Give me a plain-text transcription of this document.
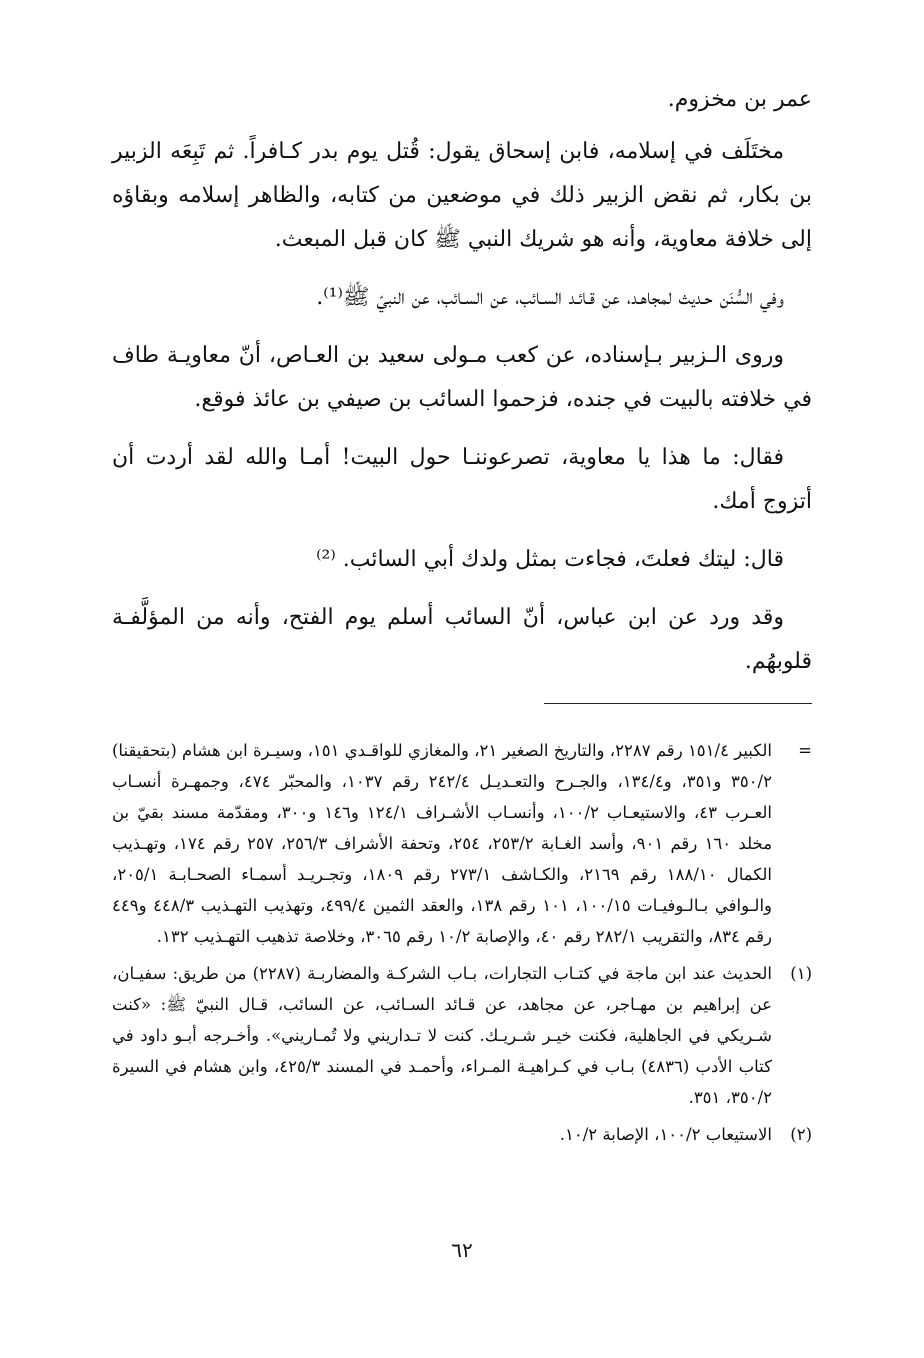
عمر بن مخزوم.

مختَلَف في إسلامه، فابن إسحاق يقول: قُتل يوم بدر كـافراً. ثم تَبِعَه الزبير بن بكار، ثم نقض الزبير ذلك في موضعين من كتابه، والظاهر إسلامه وبقاؤه إلى خلافة معاوية، وأنه هو شريك النبي ﷺ كان قبل المبعث.

وفي السُّنَن حـديث لمجاهـد، عن قـائـد السـائب، عن السـائب، عن النبيّ ﷺ⁽¹⁾.

وروى الـزبير بـإسناده، عن كعب مـولى سعيد بن العـاص، أنّ معاويـة طاف في خلافته بالبيت في جنده، فزحموا السائب بن صيفي بن عائذ فوقع.

فقال: ما هذا يا معاوية، تصرعوننـا حول البيت! أمـا والله لقد أردت أن أتزوج أمك.

قال: ليتك فعلتَ، فجاءت بمثل ولدك أبي السائب. ⁽²⁾

وقد ورد عن ابن عباس، أنّ السائب أسلم يوم الفتح، وأنه من المؤلَّفـة قلوبهُم.

=
الكبير ١٥١/٤ رقم ٢٢٨٧، والتاريخ الصغير ٢١، والمغازي للواقـدي ١٥١، وسيـرة ابن هشام (بتحقيقنا) ٣٥٠/٢ و٣٥١، و١٣٤/٤، والجـرح والتعـديـل ٢٤٢/٤ رقم ١٠٣٧، والمحبّر ٤٧٤، وجمهـرة أنسـاب العـرب ٤٣، والاستيعـاب ١٠٠/٢، وأنسـاب الأشـراف ١٢٤/١ و١٤٦ و٣٠٠، ومقدّمة مسند بقيّ بن مخلد ١٦٠ رقم ٩٠١، وأسد الغـابة ٢٥٣/٢، ٢٥٤، وتحفة الأشراف ٢٥٦/٣، ٢٥٧ رقم ١٧٤، وتهـذيب الكمال ١٨٨/١٠ رقم ٢١٦٩، والكـاشف ٢٧٣/١ رقم ١٨٠٩، وتجـريـد أسمـاء الصحـابـة ٢٠٥/١، والـوافي بـالـوفيـات ١٠٠/١٥، ١٠١ رقم ١٣٨، والعقد الثمين ٤٩٩/٤، وتهذيب التهـذيب ٤٤٨/٣ و٤٤٩ رقم ٨٣٤، والتقريب ٢٨٢/١ رقم ٤٠، والإصابة ١٠/٢ رقم ٣٠٦٥، وخلاصة تذهيب التهـذيب ١٣٢.
(١)
الحديث عند ابن ماجة في كتـاب التجارات، بـاب الشركـة والمضاربـة (٢٢٨٧) من طريق: سفيـان، عن إبراهيم بن مهـاجر، عن مجاهد، عن قـائد السـائب، عن السائب، قـال النبيّ ﷺ: «كنت شـريكي في الجاهلية، فكنت خيـر شـريـك. كنت لا تـداريني ولا تُمـاريني». وأخـرجه أبـو داود في كتاب الأدب (٤٨٣٦) بـاب في كـراهيـة المـراء، وأحمـد في المسند ٤٢٥/٣، وابن هشام في السيرة ٣٥٠/٢، ٣٥١.
(٢)
الاستيعاب ١٠٠/٢، الإصابة ١٠/٢.
٦٢
